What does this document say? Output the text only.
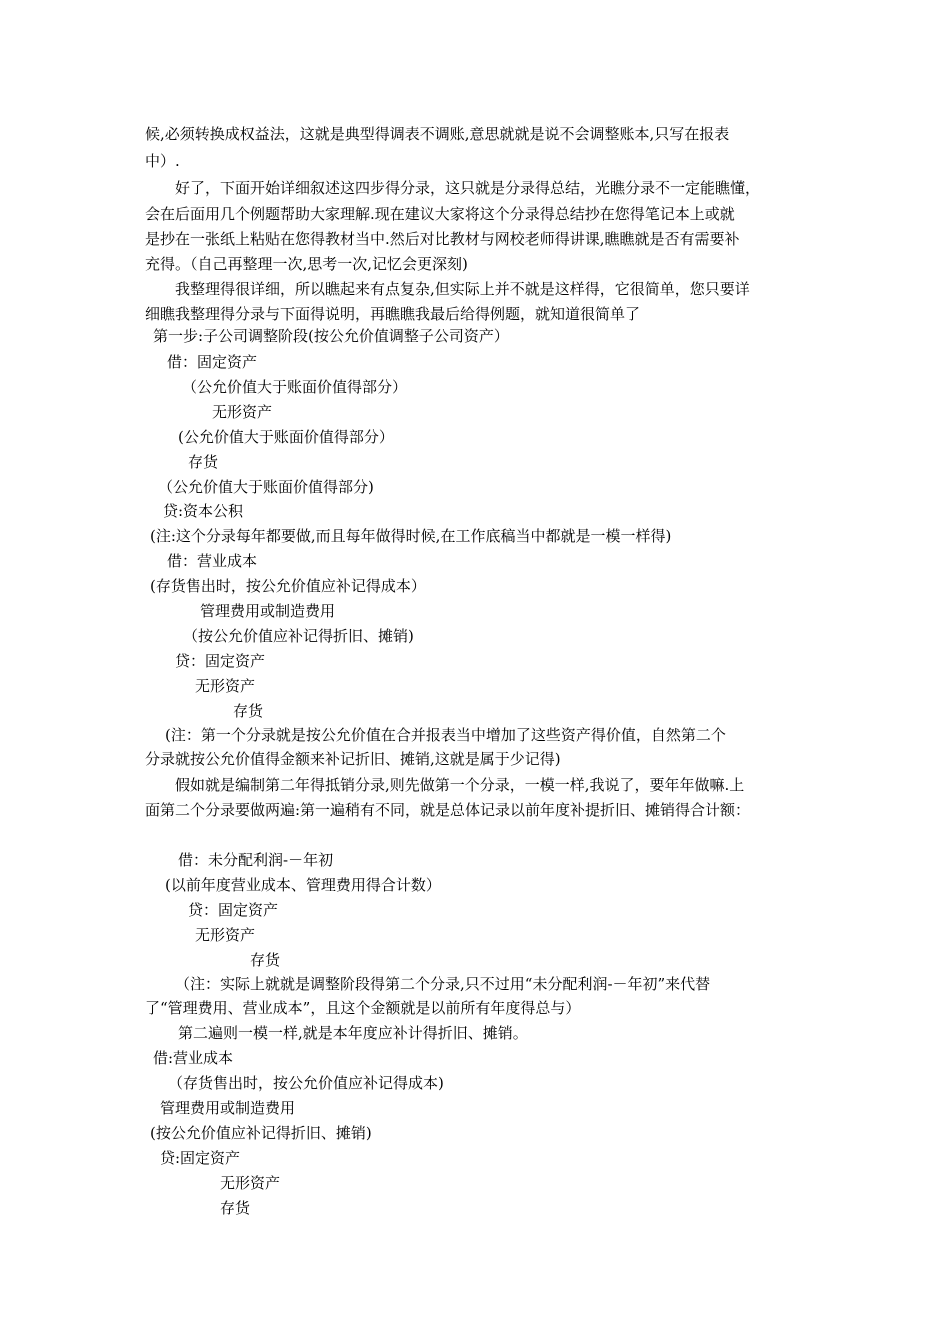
候,必须转换成权益法，这就是典型得调表不调账,意思就就是说不会调整账本,只写在报表
中）.
　　好了，下面开始详细叙述这四步得分录，这只就是分录得总结，光瞧分录不一定能瞧懂，
会在后面用几个例题帮助大家理解.现在建议大家将这个分录得总结抄在您得笔记本上或就
是抄在一张纸上粘贴在您得教材当中.然后对比教材与网校老师得讲课,瞧瞧就是否有需要补
充得。（自己再整理一次,思考一次,记忆会更深刻)
　　我整理得很详细，所以瞧起来有点复杂,但实际上并不就是这样得，它很简单，您只要详
细瞧我整理得分录与下面得说明，再瞧瞧我最后给得例题，就知道很简单了
第一步:子公司调整阶段(按公允价值调整子公司资产）
借：固定资产
（公允价值大于账面价值得部分）
无形资产
(公允价值大于账面价值得部分）
存货
（公允价值大于账面价值得部分)
贷:资本公积
(注:这个分录每年都要做,而且每年做得时候,在工作底稿当中都就是一模一样得)
借：营业成本
(存货售出时，按公允价值应补记得成本）
管理费用或制造费用
（按公允价值应补记得折旧、摊销)
贷：固定资产
无形资产
存货
(注：第一个分录就是按公允价值在合并报表当中增加了这些资产得价值，自然第二个
分录就按公允价值得金额来补记折旧、摊销,这就是属于少记得)
　　假如就是编制第二年得抵销分录,则先做第一个分录，一模一样,我说了，要年年做嘛.上
面第二个分录要做两遍:第一遍稍有不同，就是总体记录以前年度补提折旧、摊销得合计额：
借：未分配利润-－年初
(以前年度营业成本、管理费用得合计数）
贷：固定资产
无形资产
存货
（注：实际上就就是调整阶段得第二个分录,只不过用“未分配利润-－年初”来代替
了“管理费用、营业成本”，且这个金额就是以前所有年度得总与）
第二遍则一模一样,就是本年度应补计得折旧、摊销。
借:营业成本
（存货售出时，按公允价值应补记得成本)
管理费用或制造费用
(按公允价值应补记得折旧、摊销)
贷:固定资产
无形资产
存货
